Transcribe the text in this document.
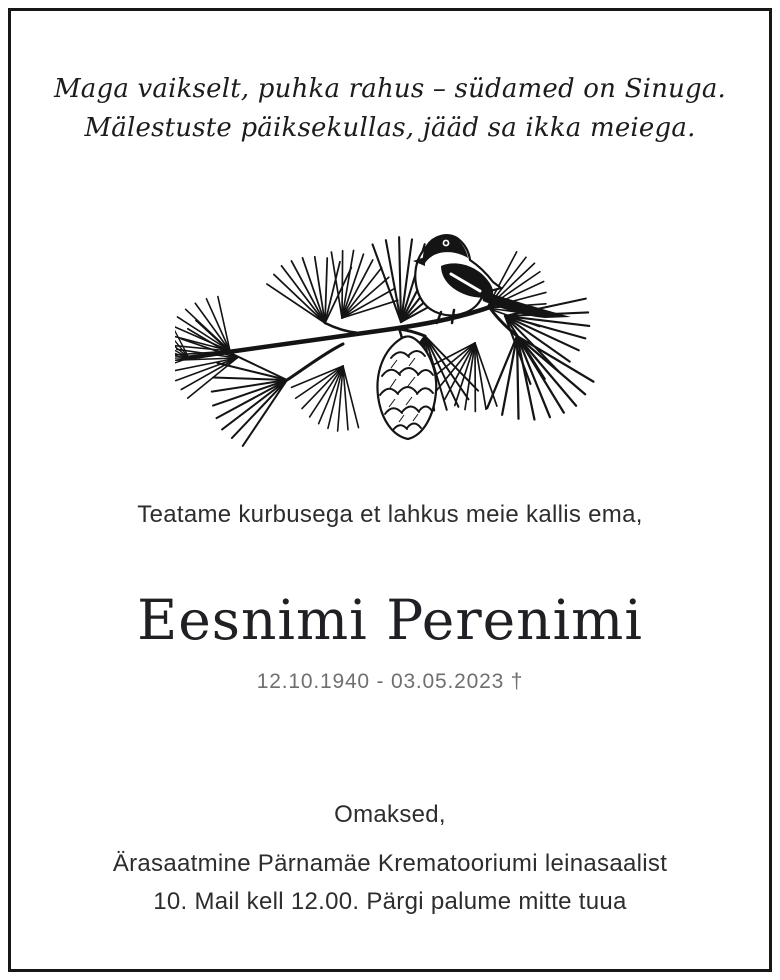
Maga vaikselt, puhka rahus – südamed on Sinuga.
Mälestuste päiksekullas, jääd sa ikka meiega.
Teatame kurbusega et lahkus meie kallis ema,
Eesnimi Perenimi
12.10.1940 - 03.05.2023 †
Omaksed,
Ärasaatmine Pärnamäe Krematooriumi leinasaalist
10. Mail kell 12.00. Pärgi palume mitte tuua
